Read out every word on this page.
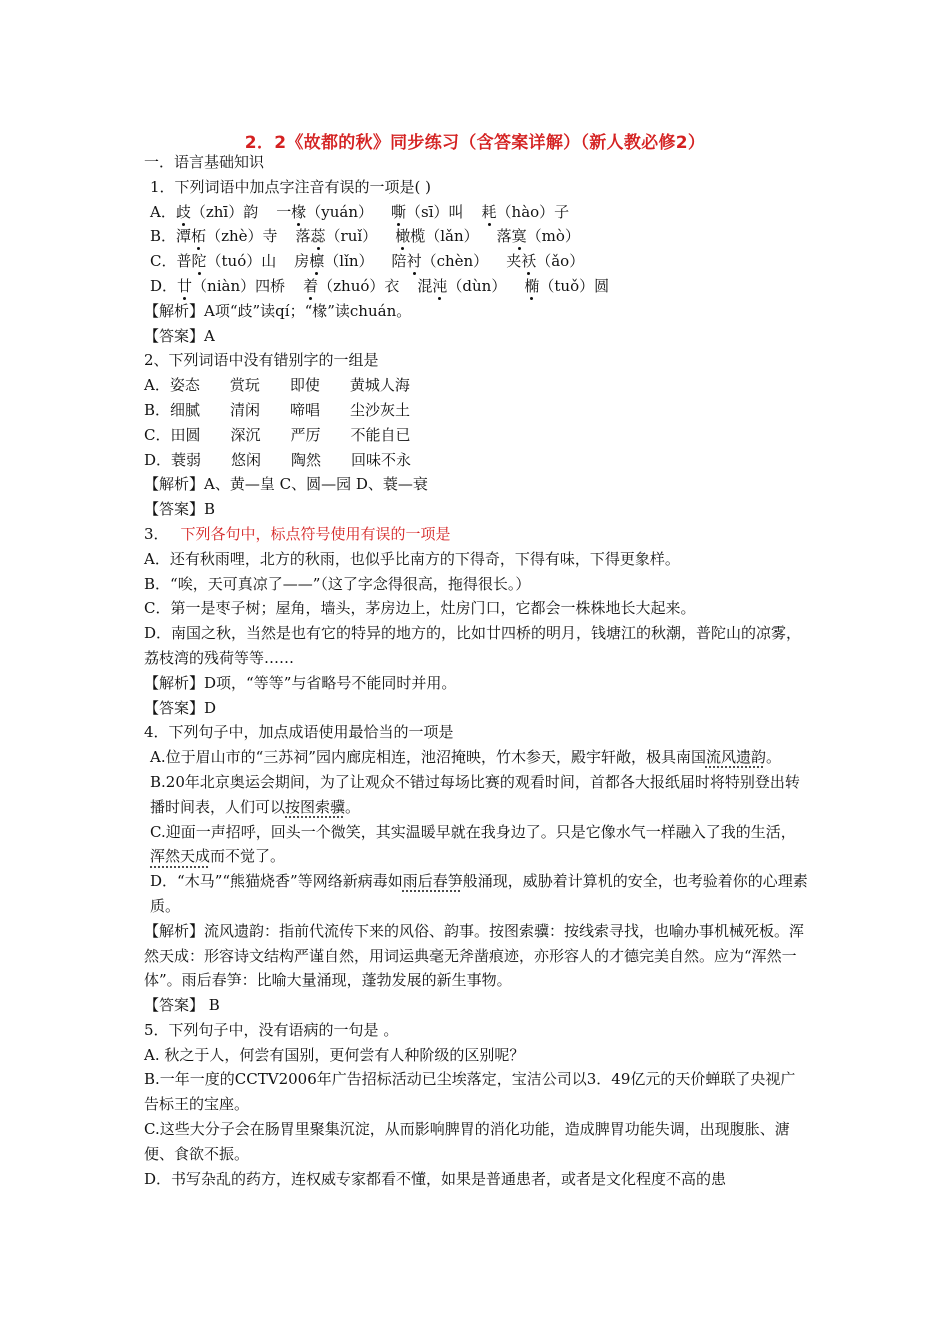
2．2《故都的秋》同步练习（含答案详解）（新人教必修2）
一．语言基础知识
1．下列词语中加点字注音有误的一项是( )
A．歧（zhī）韵 一椽（yuán） 嘶（sī）叫 耗（hào）子
B．潭柘（zhè）寺 落蕊（ruǐ） 橄榄（lǎn） 落寞（mò）
C．普陀（tuó）山 房檩（lǐn） 陪衬（chèn） 夹袄（ǎo）
D．廿（niàn）四桥 着（zhuó）衣 混沌（dùn） 椭（tuǒ）圆
【解析】A项“歧”读qí；“椽”读chuán。
【答案】A
2、下列词语中没有错别字的一组是
A．姿态　　赏玩　　即使　　黄城人海
B．细腻　　清闲　　啼唱　　尘沙灰土
C．田圆　　深沉　　严厉　　不能自已
D．蓑弱　　悠闲　　陶然　　回味不永
【解析】A、黄—皇 C、圆—园 D、蓑—衰
【答案】B
3． 下列各句中，标点符号使用有误的一项是
A．还有秋雨哩，北方的秋雨，也似乎比南方的下得奇，下得有味，下得更象样。
B．“唉，天可真凉了——”（这了字念得很高，拖得很长。）
C．第一是枣子树；屋角，墙头，茅房边上，灶房门口，它都会一株株地长大起来。
D．南国之秋，当然是也有它的特异的地方的，比如廿四桥的明月，钱塘江的秋潮，普陀山的凉雾，荔枝湾的残荷等等……
【解析】D项，“等等”与省略号不能同时并用。
【答案】D
4．下列句子中，加点成语使用最恰当的一项是
A.位于眉山市的“三苏祠”园内廊庑相连，池沼掩映，竹木参天，殿宇轩敞，极具南国流风遗韵。
B.20年北京奥运会期间，为了让观众不错过每场比赛的观看时间，首都各大报纸届时将特别登出转播时间表，人们可以按图索骥。
C.迎面一声招呼，回头一个微笑，其实温暖早就在我身边了。只是它像水气一样融入了我的生活，浑然天成而不觉了。
D．“木马”“熊猫烧香”等网络新病毒如雨后春笋般涌现，威胁着计算机的安全，也考验着你的心理素质。
【解析】流风遗韵：指前代流传下来的风俗、韵事。按图索骥：按线索寻找，也喻办事机械死板。浑然天成：形容诗文结构严谨自然，用词运典毫无斧凿痕迹，亦形容人的才德完美自然。应为“浑然一体”。雨后春笋：比喻大量涌现，蓬勃发展的新生事物。
【答案】 B
5．下列句子中，没有语病的一句是 。
A. 秋之于人，何尝有国别，更何尝有人种阶级的区别呢？
B.一年一度的CCTV2006年广告招标活动已尘埃落定，宝洁公司以3．49亿元的天价蝉联了央视广告标王的宝座。
C.这些大分子会在肠胃里聚集沉淀，从而影响脾胃的消化功能，造成脾胃功能失调，出现腹胀、溏便、食欲不振。
D．书写杂乱的药方，连权威专家都看不懂，如果是普通患者，或者是文化程度不高的患
